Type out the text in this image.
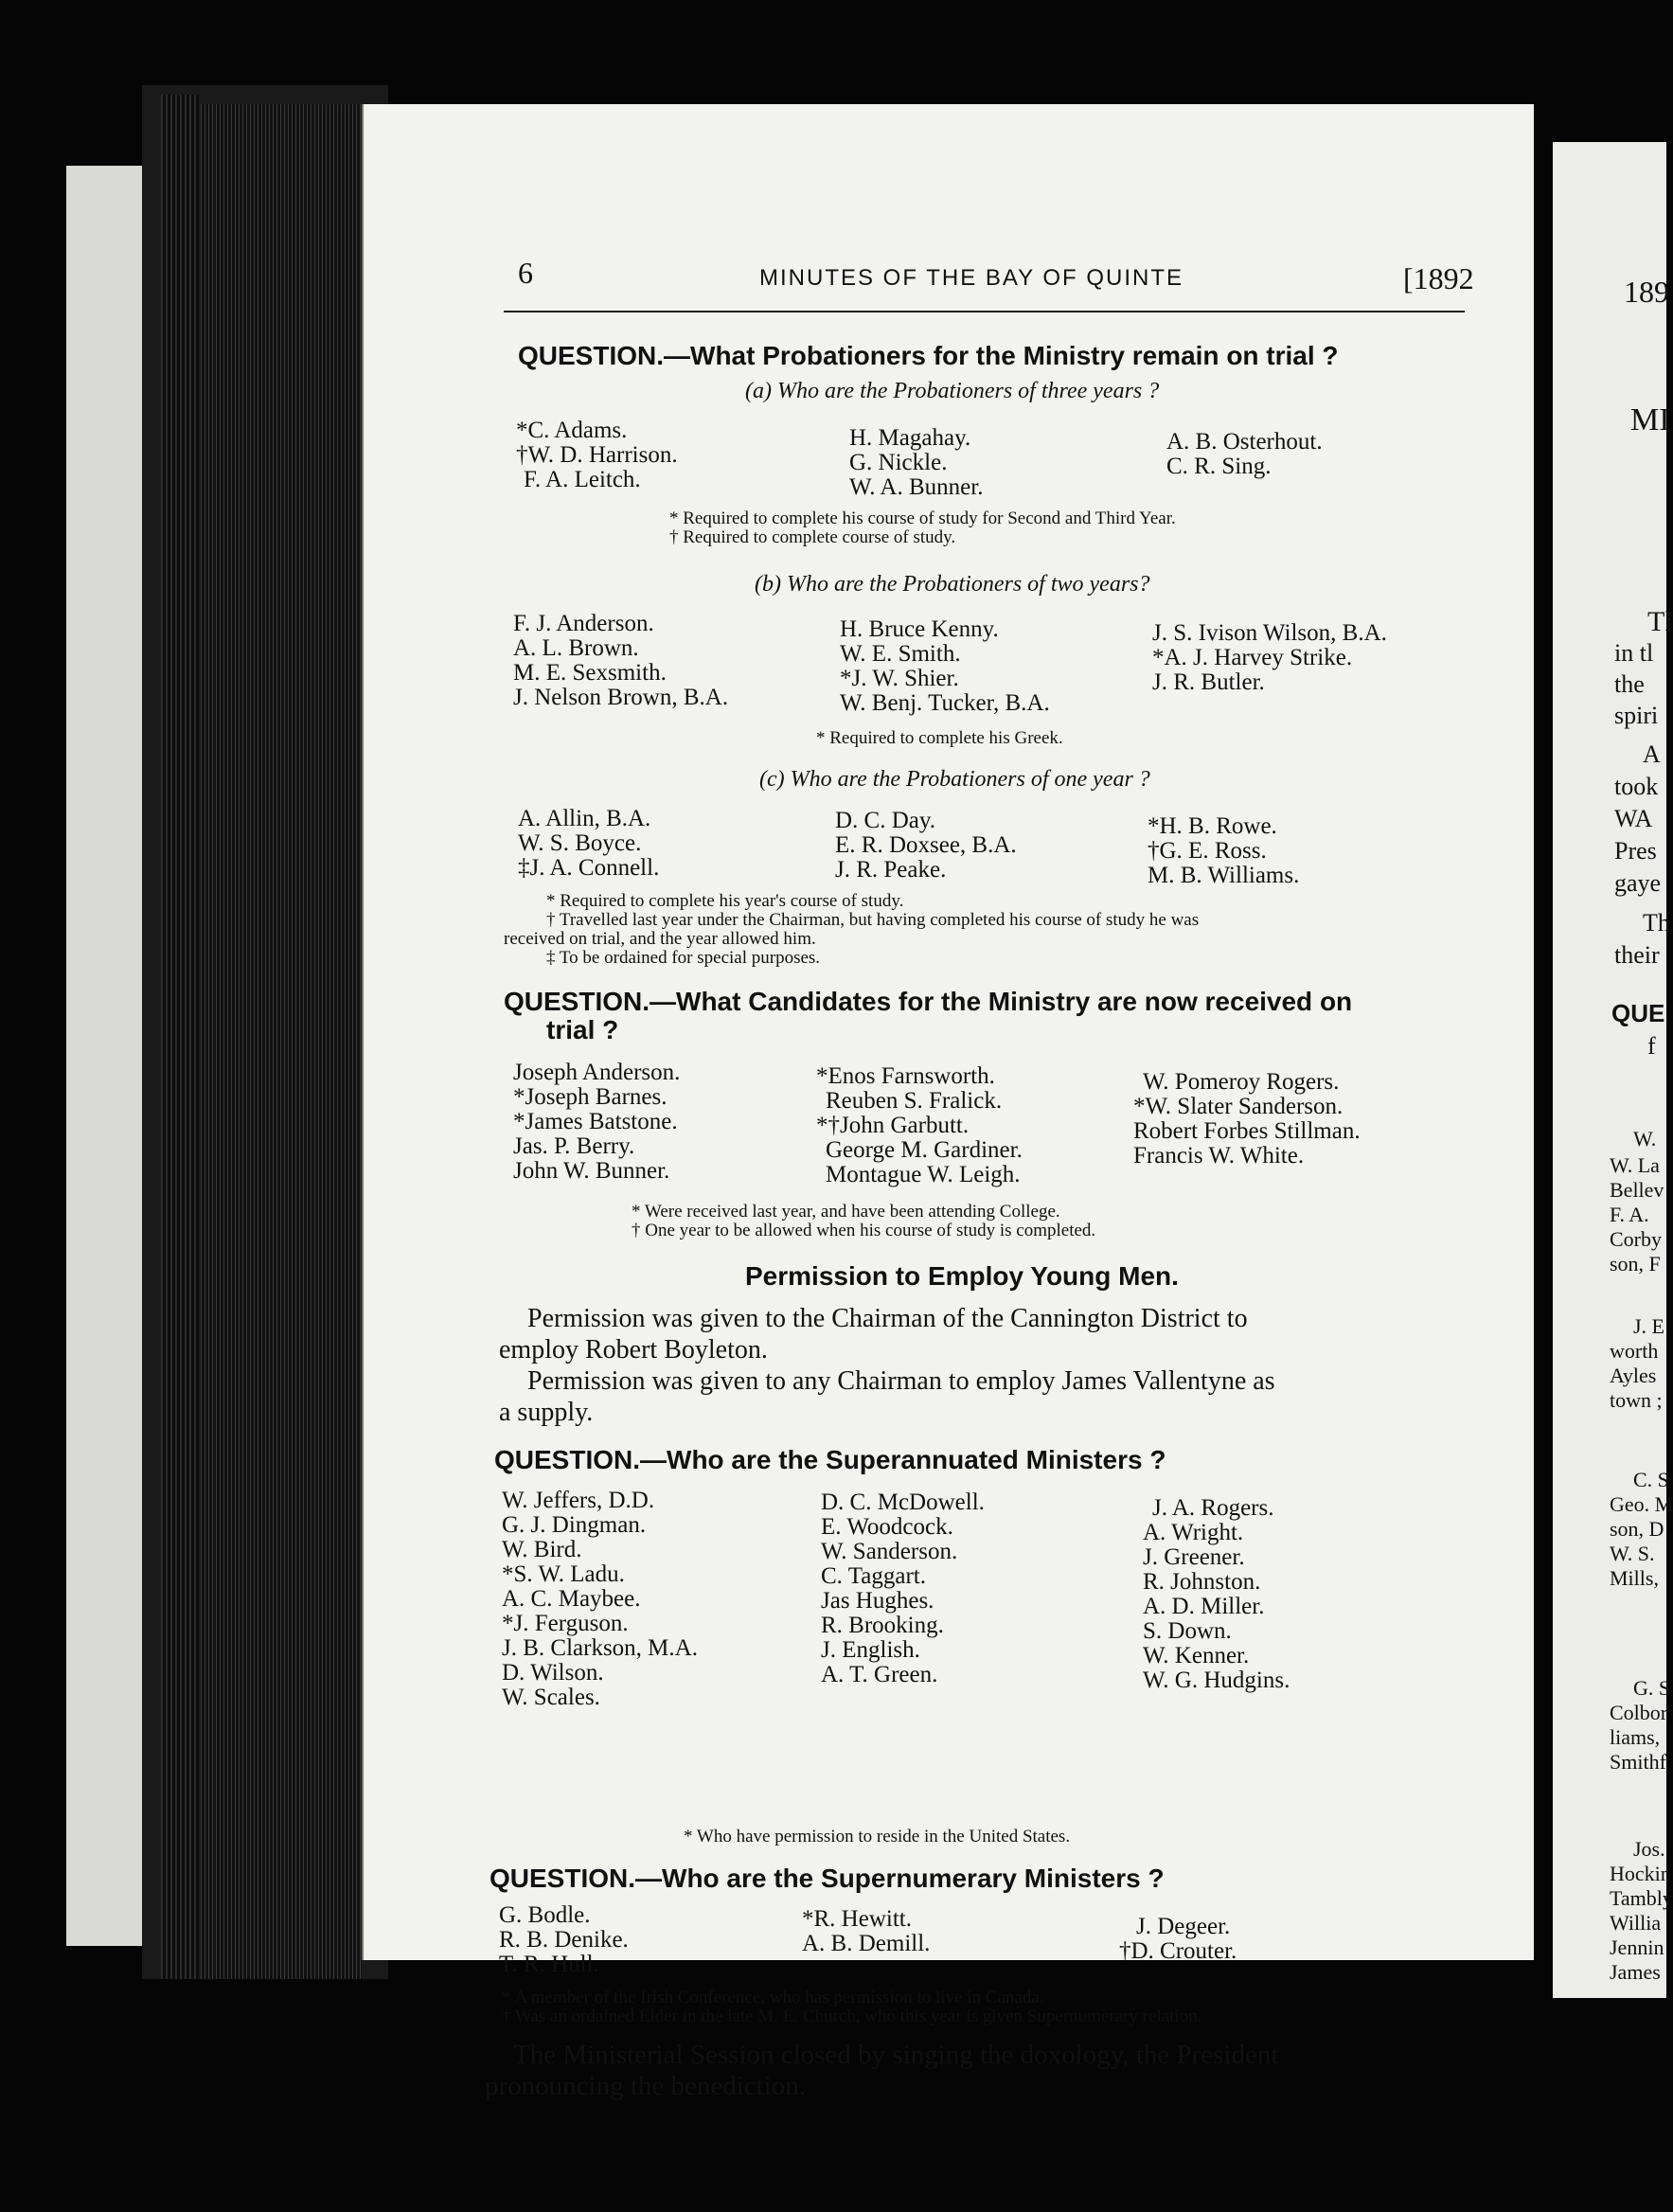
6	MINUTES OF THE BAY OF QUINTE	[1892
QUESTION.—What Probationers for the Ministry remain on trial ?
(a) Who are the Probationers of three years ?
*C. Adams.
†W. D. Harrison.
F. A. Leitch.
H. Magahay.
G. Nickle.
W. A. Bunner.
A. B. Osterhout.
C. R. Sing.
* Required to complete his course of study for Second and Third Year.
† Required to complete course of study.
(b) Who are the Probationers of two years?
F. J. Anderson.
A. L. Brown.
M. E. Sexsmith.
J. Nelson Brown, B.A.
H. Bruce Kenny.
W. E. Smith.
*J. W. Shier.
W. Benj. Tucker, B.A.
J. S. Ivison Wilson, B.A.
*A. J. Harvey Strike.
J. R. Butler.
* Required to complete his Greek.
(c) Who are the Probationers of one year ?
A. Allin, B.A.
W. S. Boyce.
‡J. A. Connell.
D. C. Day.
E. R. Doxsee, B.A.
J. R. Peake.
*H. B. Rowe.
†G. E. Ross.
M. B. Williams.
* Required to complete his year's course of study.
† Travelled last year under the Chairman, but having completed his course of study he was
received on trial, and the year allowed him.
‡ To be ordained for special purposes.
QUESTION.—What Candidates for the Ministry are now received on
trial ?
Joseph Anderson.
*Joseph Barnes.
*James Batstone.
Jas. P. Berry.
John W. Bunner.
*Enos Farnsworth.
Reuben S. Fralick.
*†John Garbutt.
George M. Gardiner.
Montague W. Leigh.
W. Pomeroy Rogers.
*W. Slater Sanderson.
Robert Forbes Stillman.
Francis W. White.
* Were received last year, and have been attending College.
† One year to be allowed when his course of study is completed.
Permission to Employ Young Men.
Permission was given to the Chairman of the Cannington District to
employ Robert Boyleton.
Permission was given to any Chairman to employ James Vallentyne as
a supply.
QUESTION.—Who are the Superannuated Ministers ?
W. Jeffers, D.D.
G. J. Dingman.
W. Bird.
*S. W. Ladu.
A. C. Maybee.
*J. Ferguson.
J. B. Clarkson, M.A.
D. Wilson.
W. Scales.
D. C. McDowell.
E. Woodcock.
W. Sanderson.
C. Taggart.
Jas Hughes.
R. Brooking.
J. English.
A. T. Green.
J. A. Rogers.
A. Wright.
J. Greener.
R. Johnston.
A. D. Miller.
S. Down.
W. Kenner.
W. G. Hudgins.
* Who have permission to reside in the United States.
QUESTION.—Who are the Supernumerary Ministers ?
G. Bodle.
R. B. Denike.
T. R. Hull.
*R. Hewitt.
A. B. Demill.
J. Degeer.
†D. Crouter.
* A member of the Irish Conference, who has permission to live in Canada.
† Was an ordained Elder in the late M. E. Church, who this year is given Supernumerary relation.
The Ministerial Session closed by singing the doxology, the President
pronouncing the benediction.
189
MI
Tl
in tl
the
spiri
A
took
WA
Pres
gaye
Th
their
QUE
f
W.
W. La
Bellev
F. A.
Corby
son, F
J. E
worth
Ayles
town ;
C. S
Geo. M
son, D
W. S.
Mills,
G. S
Colbor
liams,
Smithf
Jos.
Hockin
Tambly
Willia
Jennin
James
